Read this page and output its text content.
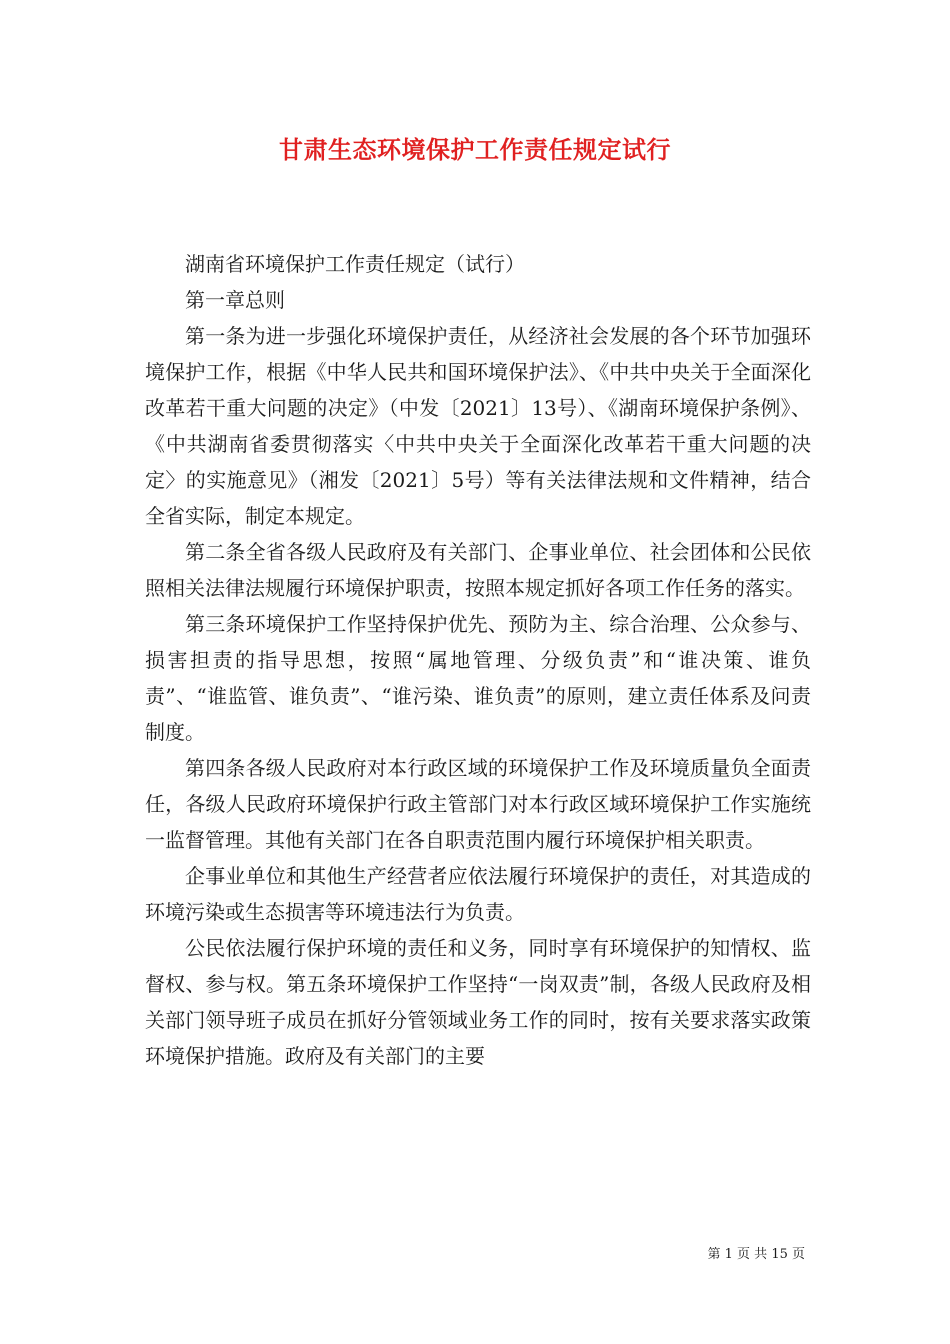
甘肃生态环境保护工作责任规定试行

湖南省环境保护工作责任规定（试行）

第一章总则

第一条为进一步强化环境保护责任，从经济社会发展的各个环节加强环境保护工作，根据《中华人民共和国环境保护法》、《中共中央关于全面深化改革若干重大问题的决定》（中发〔2021〕13号）、《湖南环境保护条例》、《中共湖南省委贯彻落实〈中共中央关于全面深化改革若干重大问题的决定〉的实施意见》（湘发〔2021〕5号）等有关法律法规和文件精神，结合全省实际，制定本规定。

第二条全省各级人民政府及有关部门、企事业单位、社会团体和公民依照相关法律法规履行环境保护职责，按照本规定抓好各项工作任务的落实。

第三条环境保护工作坚持保护优先、预防为主、综合治理、公众参与、损害担责的指导思想，按照“属地管理、分级负责”和“谁决策、谁负责”、“谁监管、谁负责”、“谁污染、谁负责”的原则，建立责任体系及问责制度。

第四条各级人民政府对本行政区域的环境保护工作及环境质量负全面责任，各级人民政府环境保护行政主管部门对本行政区域环境保护工作实施统一监督管理。其他有关部门在各自职责范围内履行环境保护相关职责。

企事业单位和其他生产经营者应依法履行环境保护的责任，对其造成的环境污染或生态损害等环境违法行为负责。

公民依法履行保护环境的责任和义务，同时享有环境保护的知情权、监督权、参与权。第五条环境保护工作坚持“一岗双责”制，各级人民政府及相关部门领导班子成员在抓好分管领域业务工作的同时，按有关要求落实政策环境保护措施。政府及有关部门的主要

第 1 页 共 15 页
